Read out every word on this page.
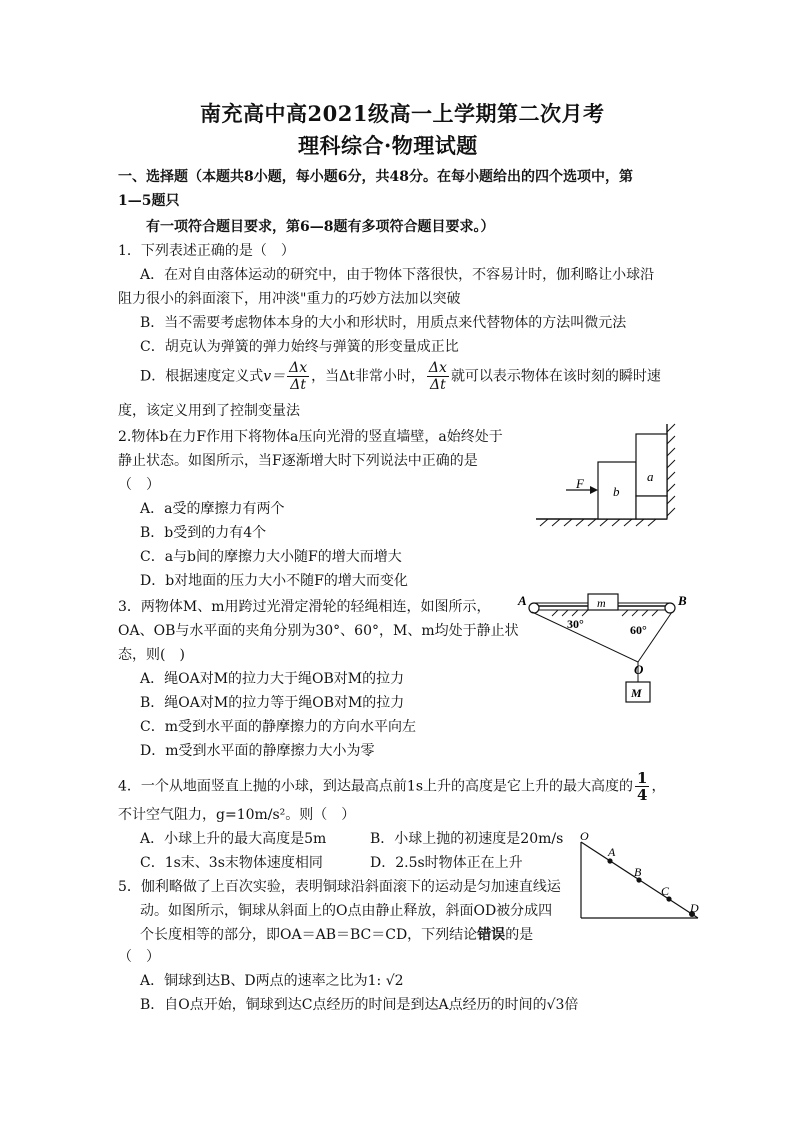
南充高中高2021级高一上学期第二次月考
理科综合·物理试题
一、选择题（本题共8小题，每小题6分，共48分。在每小题给出的四个选项中，第
1—5题只
有一项符合题目要求，第6—8题有多项符合题目要求。）
1．下列表述正确的是（　）
A．在对自由落体运动的研究中，由于物体下落很快，不容易计时，伽利略让小球沿
阻力很小的斜面滚下，用冲淡"重力的巧妙方法加以突破
B．当不需要考虑物体本身的大小和形状时，用质点来代替物体的方法叫微元法
C．胡克认为弹簧的弹力始终与弹簧的形变量成正比
D．根据速度定义式$v= \frac{\Delta x}{\Delta t}$ ，当Δt非常小时， $\frac{\Delta x}{\Delta t}$ 就可以表示物体在该时刻的瞬时速
度，该定义用到了控制变量法
2.物体b在力F作用下将物体a压向光滑的竖直墙壁，a始终处于
静止状态。如图所示，当F逐渐增大时下列说法中正确的是
（　）
A．a受的摩擦力有两个
B．b受到的力有4个
C．a与b间的摩擦力大小随F的增大而增大
D．b对地面的压力大小不随F的增大而变化
F
b
a
3．两物体M、m用跨过光滑定滑轮的轻绳相连，如图所示，
OA、OB与水平面的夹角分别为30°、60°，M、m均处于静止状
态，则(　)
A．绳OA对M的拉力大于绳OB对M的拉力
B．绳OA对M的拉力等于绳OB对M的拉力
C．m受到水平面的静摩擦力的方向水平向左
D．m受到水平面的静摩擦力大小为零
A	B
m
30°	60°
O
M
4．一个从地面竖直上抛的小球，到达最高点前1s上升的高度是它上升的最大高度的 $\frac{1}{4}$ ，
不计空气阻力，g=10m/s²。则（　）
A．小球上升的最大高度是5m	B．小球上抛的初速度是20m/s
C．1s末、3s末物体速度相同	D．2.5s时物体正在上升
5．伽利略做了上百次实验，表明铜球沿斜面滚下的运动是匀加速直线运
动。如图所示，铜球从斜面上的O点由静止释放，斜面OD被分成四
个长度相等的部分，即OA＝AB＝BC＝CD，下列结论错误的是
（　）
A．铜球到达B、D两点的速率之比为1: √2
B．自O点开始，铜球到达C点经历的时间是到达A点经历的时间的√3倍
O
A
B
C
D
